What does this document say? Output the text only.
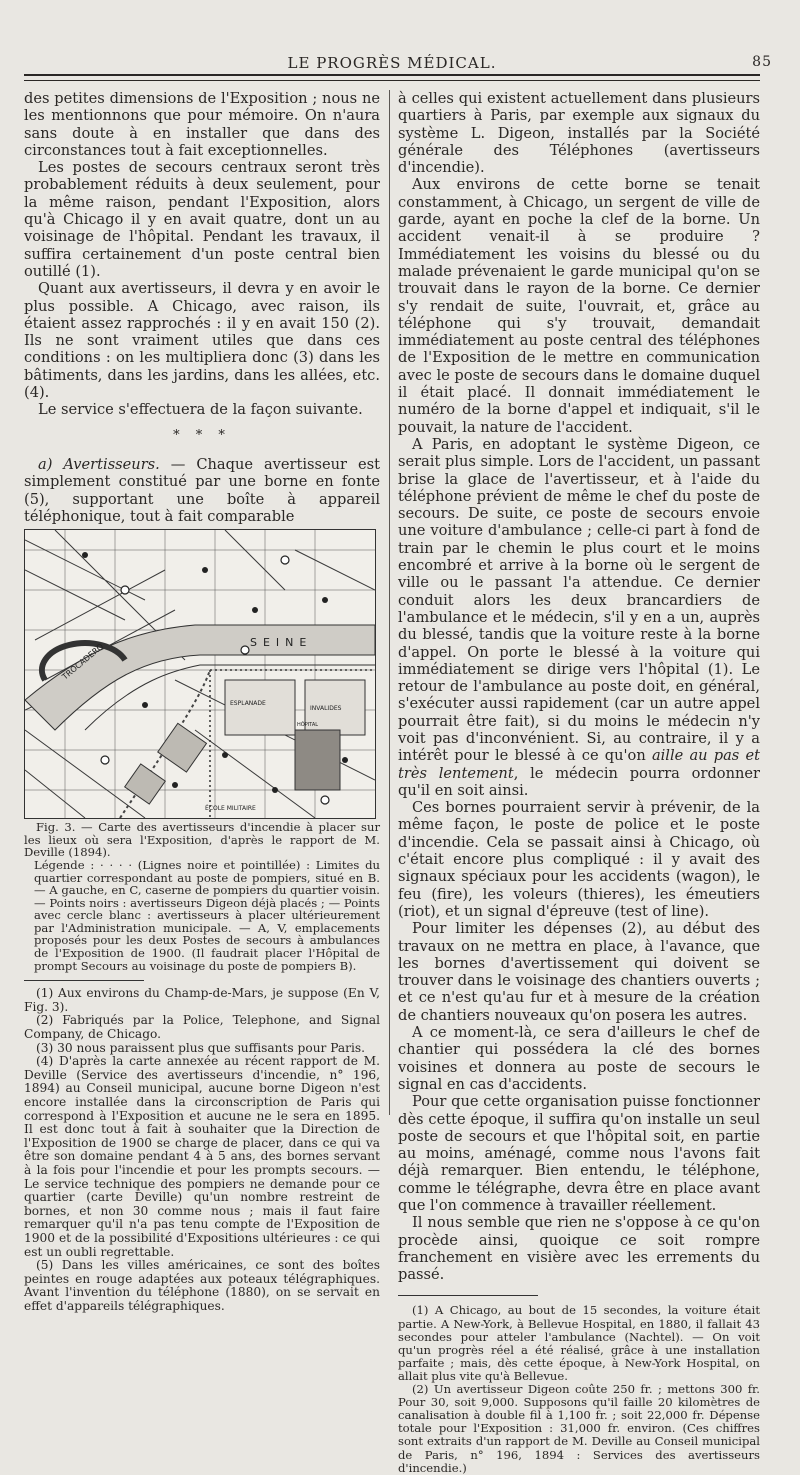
LE PROGRÈS MÉDICAL.	85

des petites dimensions de l'Exposition ; nous ne les mentionnons que pour mémoire. On n'aura sans doute à en installer que dans des circonstances tout à fait exceptionnelles.

Les postes de secours centraux seront très probablement réduits à deux seulement, pour la même raison, pendant l'Exposition, alors qu'à Chicago il y en avait quatre, dont un au voisinage de l'hôpital. Pendant les travaux, il suffira certainement d'un poste central bien outillé (1).

Quant aux avertisseurs, il devra y en avoir le plus possible. A Chicago, avec raison, ils étaient assez rapprochés : il y en avait 150 (2). Ils ne sont vraiment utiles que dans ces conditions : on les multipliera donc (3) dans les bâtiments, dans les jardins, dans les allées, etc. (4).

Le service s'effectuera de la façon suivante.

* * *

a) Avertisseurs. — Chaque avertisseur est simplement constitué par une borne en fonte (5), supportant une boîte à appareil téléphonique, tout à fait comparable

SEINE
TROCADERO
INVALIDES
ESPLANADE
HÔPITAL
ÉCOLE MILITAIRE

Fig. 3. — Carte des avertisseurs d'incendie à placer sur les lieux où sera l'Exposition, d'après le rapport de M. Deville (1894).

Légende : · · · · (Lignes noire et pointillée) : Limites du quartier correspondant au poste de pompiers, situé en B. — A gauche, en C, caserne de pompiers du quartier voisin. — Points noirs : avertisseurs Digeon déjà placés ; — Points avec cercle blanc : avertisseurs à placer ultérieurement par l'Administration municipale. — A, V, emplacements proposés pour les deux Postes de secours à ambulances de l'Exposition de 1900. (Il faudrait placer l'Hôpital de prompt Secours au voisinage du poste de pompiers B).

(1) Aux environs du Champ-de-Mars, je suppose (En V, Fig. 3).

(2) Fabriqués par la Police, Telephone, and Signal Company, de Chicago.

(3) 30 nous paraissent plus que suffisants pour Paris.

(4) D'après la carte annexée au récent rapport de M. Deville (Service des avertisseurs d'incendie, n° 196, 1894) au Conseil municipal, aucune borne Digeon n'est encore installée dans la circonscription de Paris qui correspond à l'Exposition et aucune ne le sera en 1895. Il est donc tout à fait à souhaiter que la Direction de l'Exposition de 1900 se charge de placer, dans ce qui va être son domaine pendant 4 à 5 ans, des bornes servant à la fois pour l'incendie et pour les prompts secours. — Le service technique des pompiers ne demande pour ce quartier (carte Deville) qu'un nombre restreint de bornes, et non 30 comme nous ; mais il faut faire remarquer qu'il n'a pas tenu compte de l'Exposition de 1900 et de la possibilité d'Expositions ultérieures : ce qui est un oubli regrettable.

(5) Dans les villes américaines, ce sont des boîtes peintes en rouge adaptées aux poteaux télégraphiques. Avant l'invention du téléphone (1880), on se servait en effet d'appareils télégraphiques.

à celles qui existent actuellement dans plusieurs quartiers à Paris, par exemple aux signaux du système L. Digeon, installés par la Société générale des Téléphones (avertisseurs d'incendie).

Aux environs de cette borne se tenait constamment, à Chicago, un sergent de ville de garde, ayant en poche la clef de la borne. Un accident venait-il à se produire ? Immédiatement les voisins du blessé ou du malade prévenaient le garde municipal qu'on se trouvait dans le rayon de la borne. Ce dernier s'y rendait de suite, l'ouvrait, et, grâce au téléphone qui s'y trouvait, demandait immédiatement au poste central des téléphones de l'Exposition de le mettre en communication avec le poste de secours dans le domaine duquel il était placé. Il donnait immédiatement le numéro de la borne d'appel et indiquait, s'il le pouvait, la nature de l'accident.

A Paris, en adoptant le système Digeon, ce serait plus simple. Lors de l'accident, un passant brise la glace de l'avertisseur, et à l'aide du téléphone prévient de même le chef du poste de secours. De suite, ce poste de secours envoie une voiture d'ambulance ; celle-ci part à fond de train par le chemin le plus court et le moins encombré et arrive à la borne où le sergent de ville ou le passant l'a attendue. Ce dernier conduit alors les deux brancardiers de l'ambulance et le médecin, s'il y en a un, auprès du blessé, tandis que la voiture reste à la borne d'appel. On porte le blessé à la voiture qui immédiatement se dirige vers l'hôpital (1). Le retour de l'ambulance au poste doit, en général, s'exécuter aussi rapidement (car un autre appel pourrait être fait), si du moins le médecin n'y voit pas d'inconvénient. Si, au contraire, il y a intérêt pour le blessé à ce qu'on aille au pas et très lentement, le médecin pourra ordonner qu'il en soit ainsi.

Ces bornes pourraient servir à prévenir, de la même façon, le poste de police et le poste d'incendie. Cela se passait ainsi à Chicago, où c'était encore plus compliqué : il y avait des signaux spéciaux pour les accidents (wagon), le feu (fire), les voleurs (thieres), les émeutiers (riot), et un signal d'épreuve (test of line).

Pour limiter les dépenses (2), au début des travaux on ne mettra en place, à l'avance, que les bornes d'avertissement qui doivent se trouver dans le voisinage des chantiers ouverts ; et ce n'est qu'au fur et à mesure de la création de chantiers nouveaux qu'on posera les autres.

A ce moment-là, ce sera d'ailleurs le chef de chantier qui possédera la clé des bornes voisines et donnera au poste de secours le signal en cas d'accidents.

Pour que cette organisation puisse fonctionner dès cette époque, il suffira qu'on installe un seul poste de secours et que l'hôpital soit, en partie au moins, aménagé, comme nous l'avons fait déjà remarquer. Bien entendu, le téléphone, comme le télégraphe, devra être en place avant que l'on commence à travailler réellement.

Il nous semble que rien ne s'oppose à ce qu'on procède ainsi, quoique ce soit rompre franchement en visière avec les errements du passé.

(1) A Chicago, au bout de 15 secondes, la voiture était partie. A New-York, à Bellevue Hospital, en 1880, il fallait 43 secondes pour atteler l'ambulance (Nachtel). — On voit qu'un progrès réel a été réalisé, grâce à une installation parfaite ; mais, dès cette époque, à New-York Hospital, on allait plus vite qu'à Bellevue.

(2) Un avertisseur Digeon coûte 250 fr. ; mettons 300 fr. Pour 30, soit 9,000. Supposons qu'il faille 20 kilomètres de canalisation à double fil à 1,100 fr. ; soit 22,000 fr. Dépense totale pour l'Exposition : 31,000 fr. environ. (Ces chiffres sont extraits d'un rapport de M. Deville au Conseil municipal de Paris, n° 196, 1894 : Services des avertisseurs d'incendie.)
